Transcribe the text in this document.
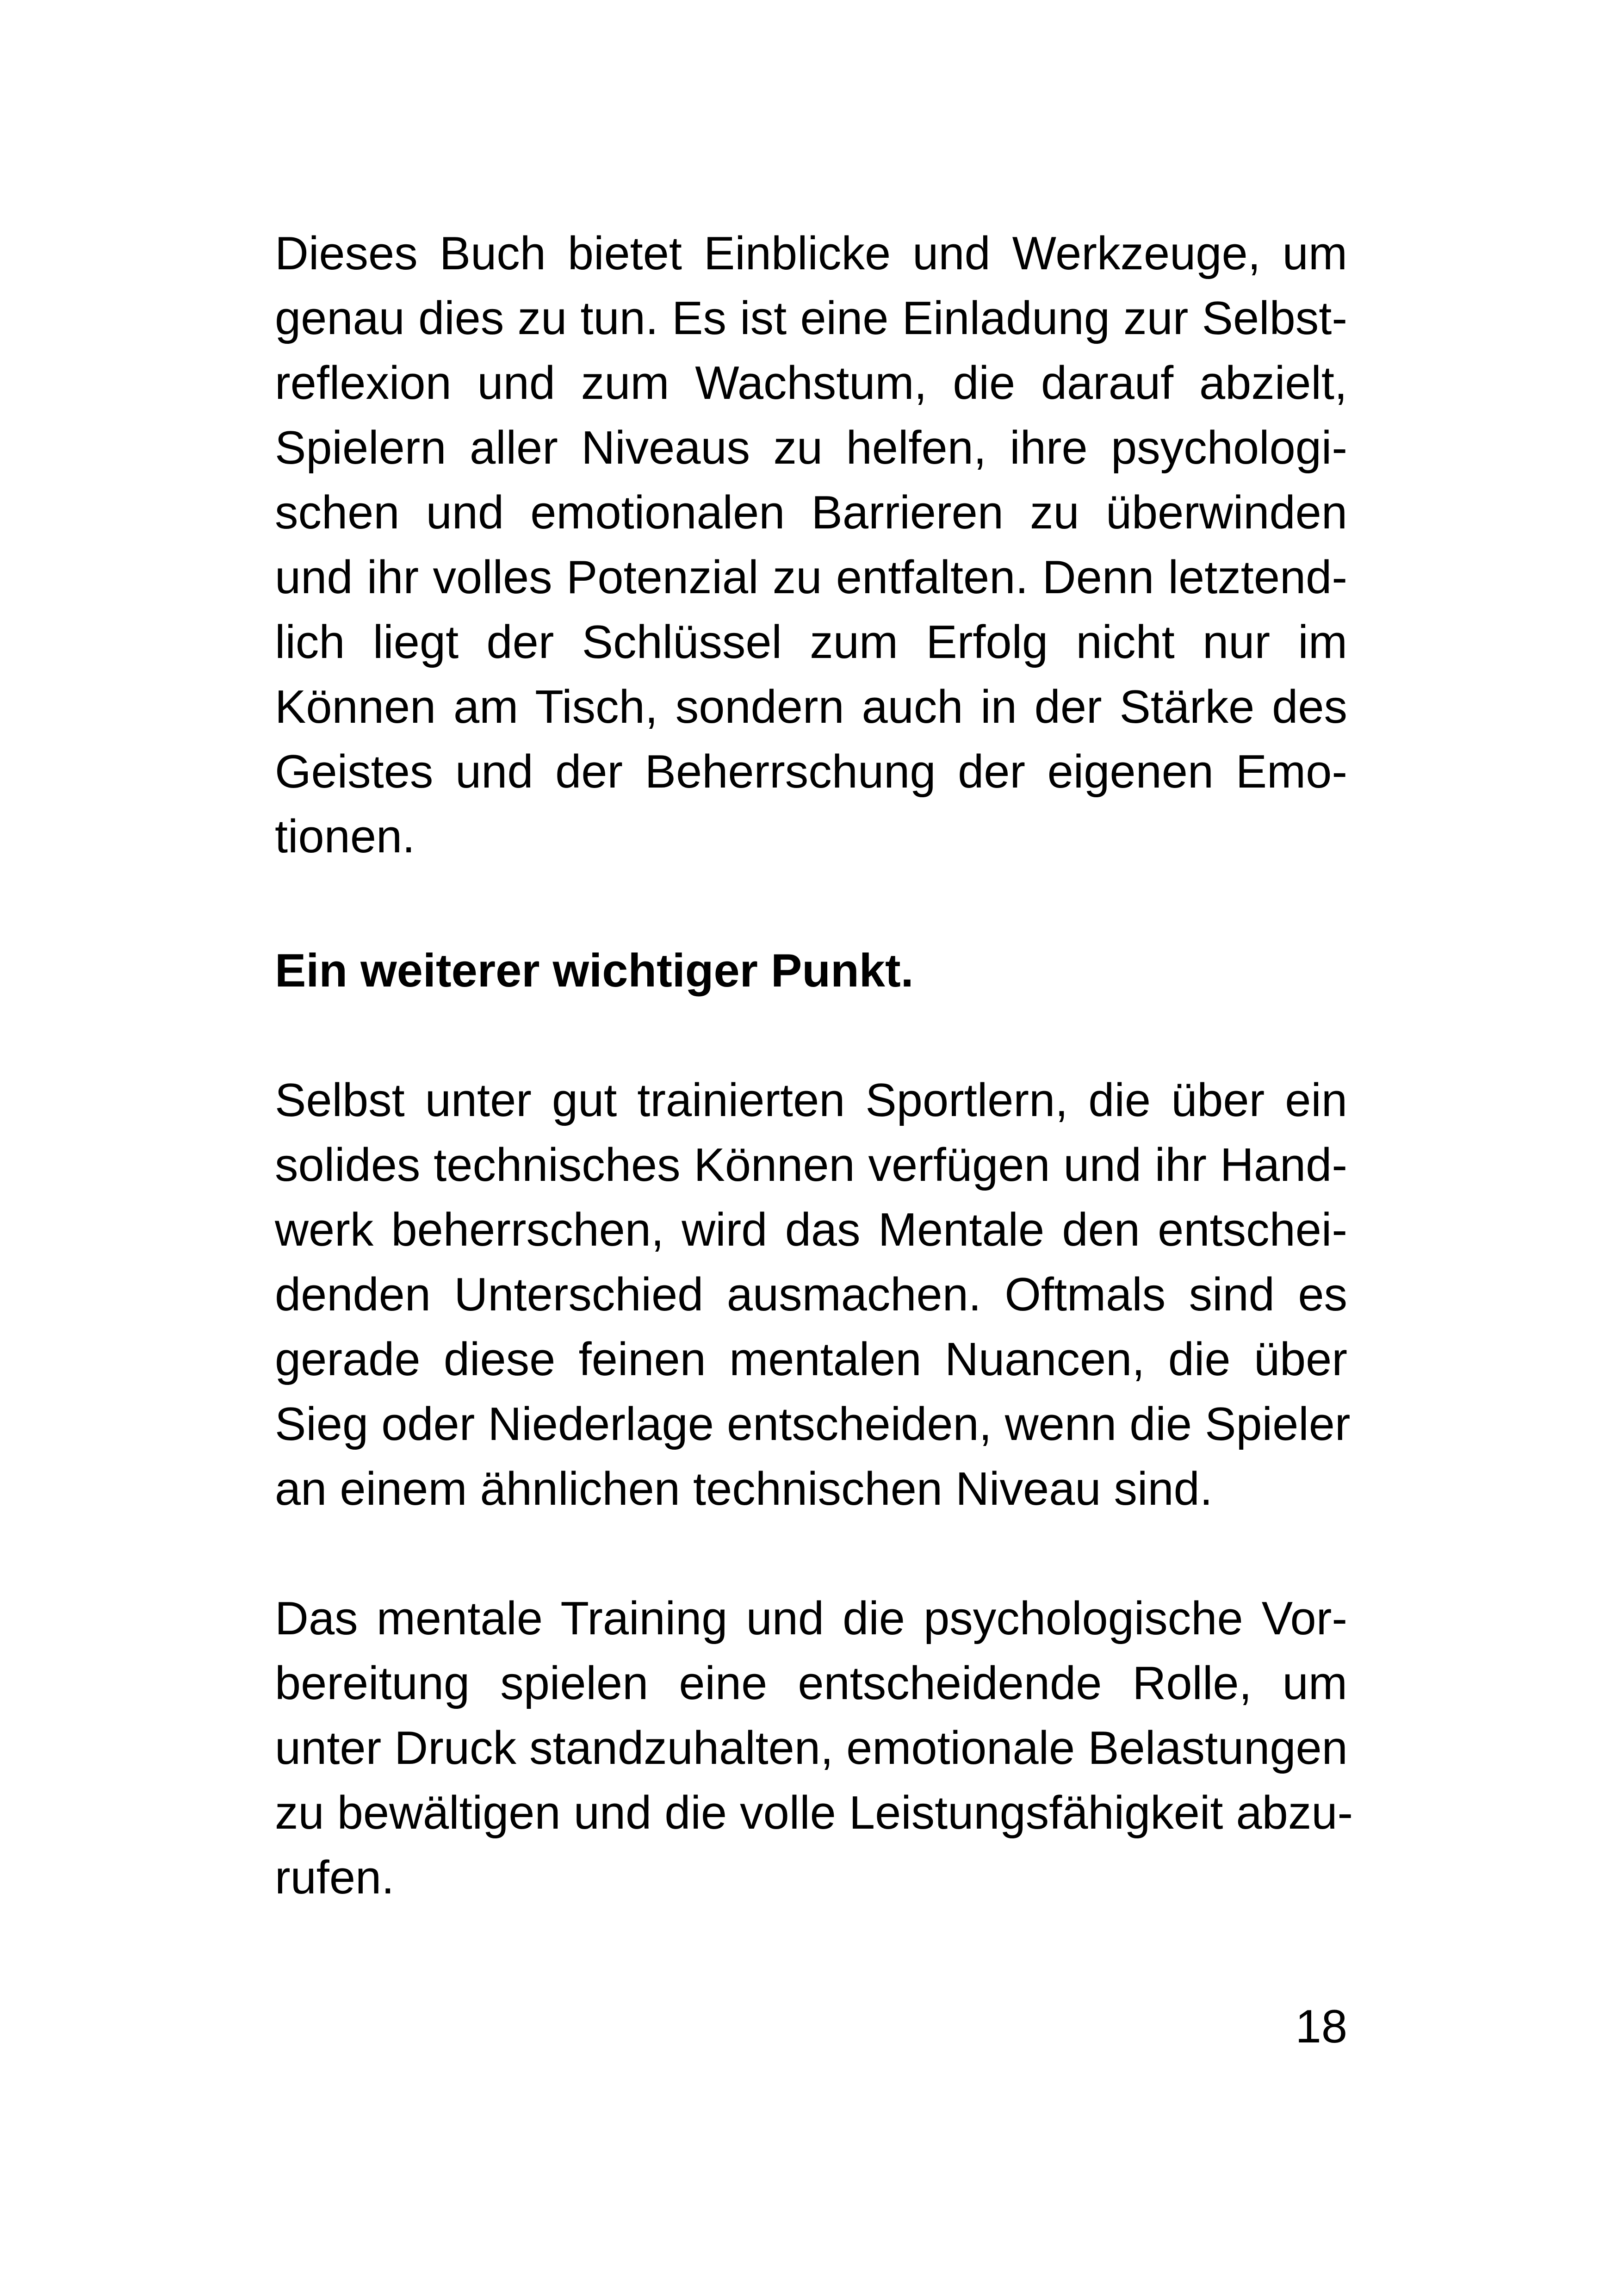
Dieses Buch bietet Einblicke und Werkzeuge, um
genau dies zu tun. Es ist eine Einladung zur Selbst-
reflexion und zum Wachstum, die darauf abzielt,
Spielern aller Niveaus zu helfen, ihre psychologi-
schen und emotionalen Barrieren zu überwinden
und ihr volles Potenzial zu entfalten. Denn letztend-
lich liegt der Schlüssel zum Erfolg nicht nur im
Können am Tisch, sondern auch in der Stärke des
Geistes und der Beherrschung der eigenen Emo-
tionen.
Ein weiterer wichtiger Punkt.
Selbst unter gut trainierten Sportlern, die über ein
solides technisches Können verfügen und ihr Hand-
werk beherrschen, wird das Mentale den entschei-
denden Unterschied ausmachen. Oftmals sind es
gerade diese feinen mentalen Nuancen, die über
Sieg oder Niederlage entscheiden, wenn die Spieler
an einem ähnlichen technischen Niveau sind.
Das mentale Training und die psychologische Vor-
bereitung spielen eine entscheidende Rolle, um
unter Druck standzuhalten, emotionale Belastungen
zu bewältigen und die volle Leistungsfähigkeit abzu-
rufen.
18
